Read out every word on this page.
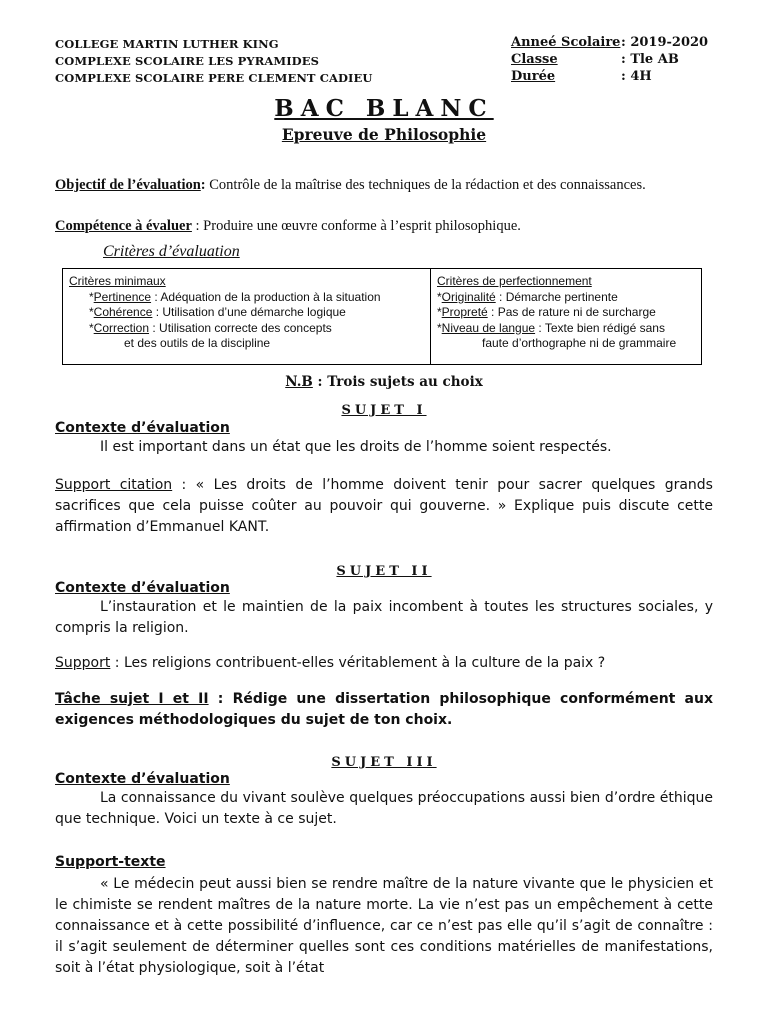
COLLEGE MARTIN LUTHER KING
COMPLEXE SCOLAIRE LES PYRAMIDES
COMPLEXE SCOLAIRE PERE CLEMENT CADIEU
Anneé Scolaire : 2019-2020
Classe	: Tle AB
Durée	: 4H
BAC BLANC
Epreuve de Philosophie
Objectif de l’évaluation: Contrôle de la maîtrise des techniques de la rédaction et des connaissances.
Compétence à évaluer : Produire une œuvre conforme à l’esprit philosophique.
Critères d’évaluation
Critères minimaux
*Pertinence : Adéquation de la production à la situation
*Cohérence : Utilisation d’une démarche logique
*Correction : Utilisation correcte des concepts
et des outils de la discipline
Critères de perfectionnement
*Originalité : Démarche pertinente
*Propreté : Pas de rature ni de surcharge
*Niveau de langue : Texte bien rédigé sans
faute d’orthographe ni de grammaire
N.B : Trois sujets au choix
SUJET I
Contexte d’évaluation
Il est important dans un état que les droits de l’homme soient respectés.
Support citation : « Les droits de l’homme doivent tenir pour sacrer quelques grands sacrifices que cela puisse coûter au pouvoir qui gouverne. » Explique puis discute cette affirmation d’Emmanuel KANT.
SUJET II
Contexte d’évaluation
L’instauration et le maintien de la paix incombent à toutes les structures sociales, y compris la religion.
Support : Les religions contribuent-elles véritablement à la culture de la paix ?
Tâche sujet I et II : Rédige une dissertation philosophique conformément aux exigences méthodologiques du sujet de ton choix.
SUJET III
Contexte d’évaluation
La connaissance du vivant soulève quelques préoccupations aussi bien d’ordre éthique que technique. Voici un texte à ce sujet.
Support-texte
« Le médecin peut aussi bien se rendre maître de la nature vivante que le physicien et le chimiste se rendent maîtres de la nature morte. La vie n’est pas un empêchement à cette connaissance et à cette possibilité d’influence, car ce n’est pas elle qu’il s’agit de connaître : il s’agit seulement de déterminer quelles sont ces conditions matérielles de manifestations, soit à l’état physiologique, soit à l’état
